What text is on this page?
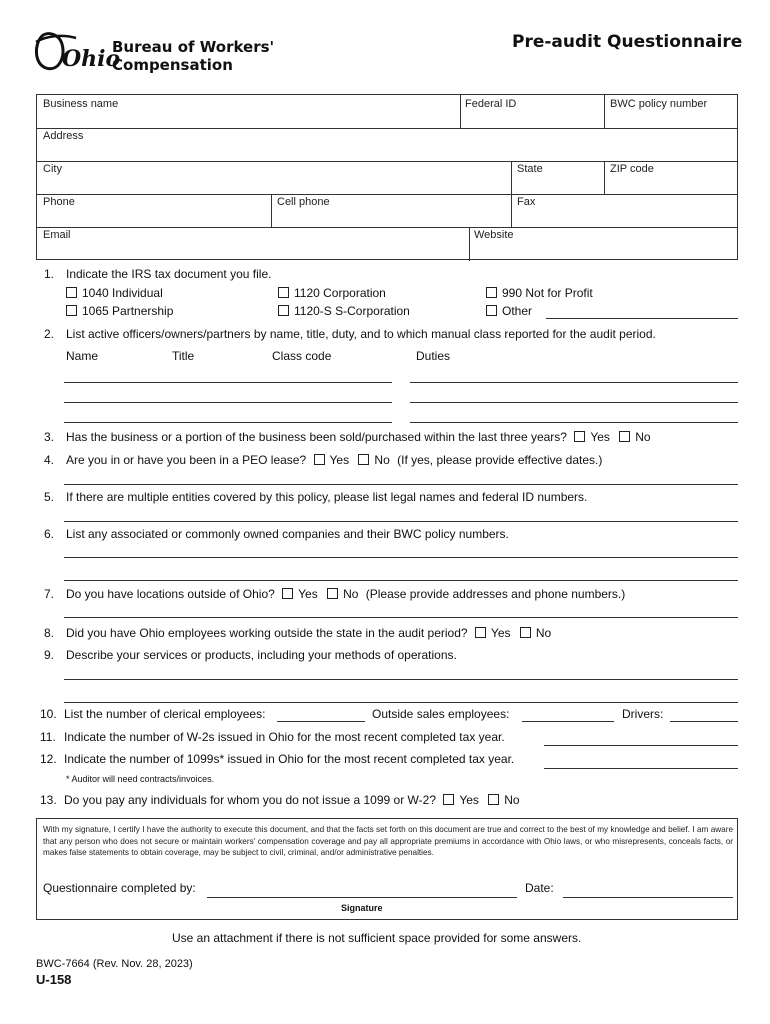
Ohio
Bureau of Workers'
Compensation
Pre-audit Questionnaire
Business name	Federal ID	BWC policy number
Address
City	State	ZIP code
Phone	Cell phone	Fax
Email	Website
1. Indicate the IRS tax document you file.
1040 Individual	1120 Corporation	990 Not for Profit
1065 Partnership	1120-S S-Corporation	Other
2. List active officers/owners/partners by name, title, duty, and to which manual class reported for the audit period.
Name	Title	Class code	Duties
3. Has the business or a portion of the business been sold/purchased within the last three years? Yes No
4. Are you in or have you been in a PEO lease? Yes No (If yes, please provide effective dates.)
5. If there are multiple entities covered by this policy, please list legal names and federal ID numbers.
6. List any associated or commonly owned companies and their BWC policy numbers.
7. Do you have locations outside of Ohio? Yes No (Please provide addresses and phone numbers.)
8. Did you have Ohio employees working outside the state in the audit period? Yes No
9. Describe your services or products, including your methods of operations.
10. List the number of clerical employees:	Outside sales employees:	Drivers:
11. Indicate the number of W-2s issued in Ohio for the most recent completed tax year.
12. Indicate the number of 1099s* issued in Ohio for the most recent completed tax year.
* Auditor will need contracts/invoices.
13. Do you pay any individuals for whom you do not issue a 1099 or W-2? Yes No
With my signature, I certify I have the authority to execute this document, and that the facts set forth on this document are true and correct to the best of my knowledge and belief. I am aware that any person who does not secure or maintain workers' compensation coverage and pay all appropriate premiums in accordance with Ohio laws, or who misrepresents, conceals facts, or makes false statements to obtain coverage, may be subject to civil, criminal, and/or administrative penalties.
Questionnaire completed by:	Date:
Signature
Use an attachment if there is not sufficient space provided for some answers.
BWC-7664 (Rev. Nov. 28, 2023)
U-158
